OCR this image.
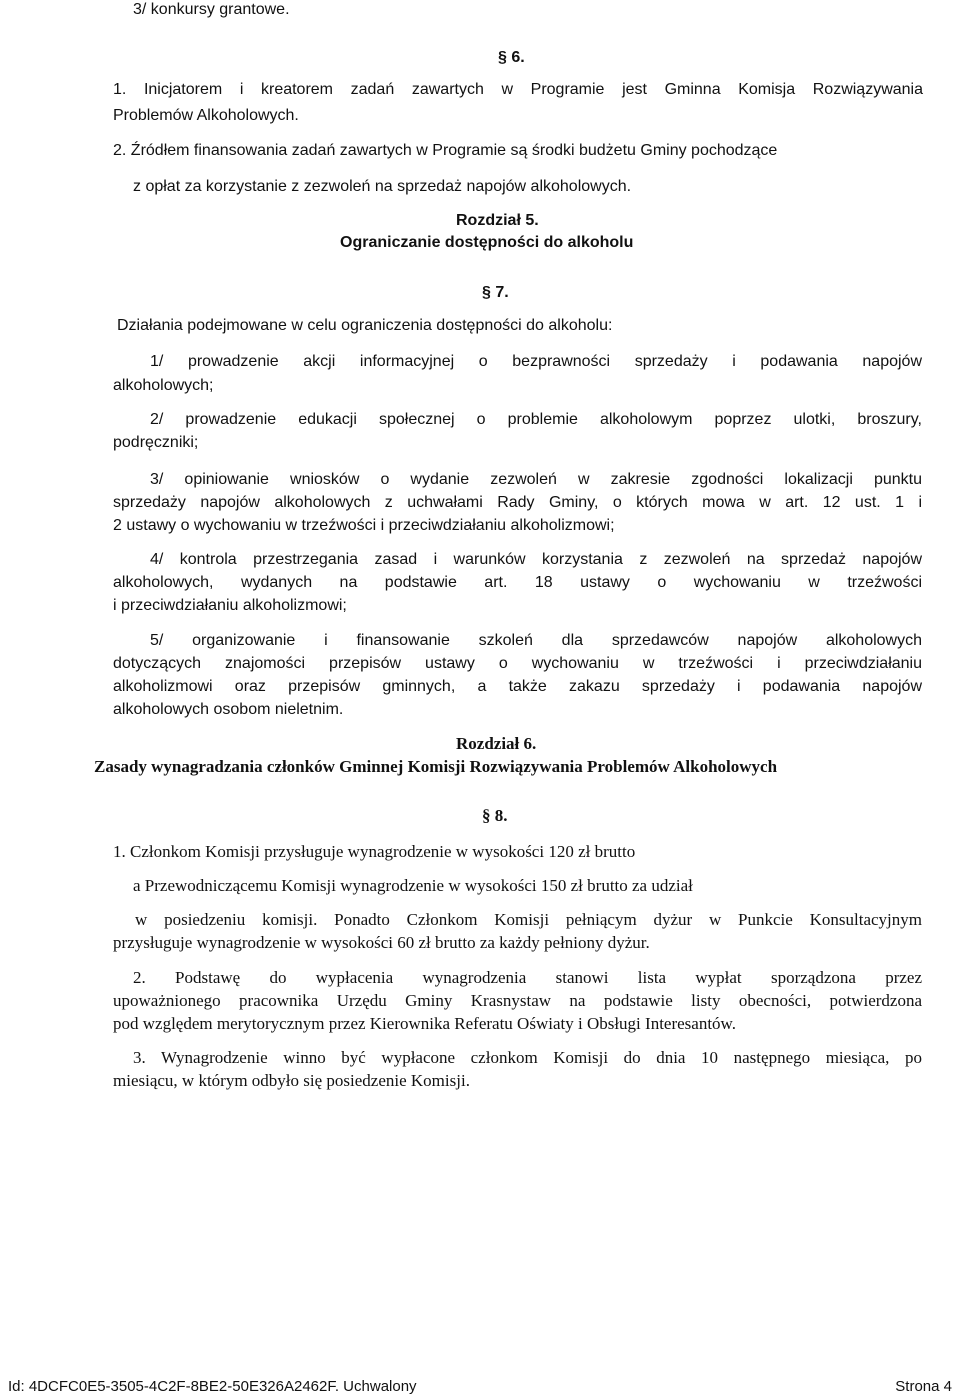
3/ konkursy grantowe.
§ 6.
1. Inicjatorem i kreatorem zadań zawartych w Programie jest Gminna Komisja Rozwiązywania
Problemów Alkoholowych.
2. Źródłem finansowania zadań zawartych w Programie są środki budżetu Gminy pochodzące
z opłat za korzystanie z zezwoleń na sprzedaż napojów alkoholowych.
Rozdział 5.
Ograniczanie dostępności do alkoholu
§ 7.
Działania podejmowane w celu ograniczenia dostępności do alkoholu:
1/ prowadzenie akcji informacyjnej o bezprawności sprzedaży i podawania napojów
alkoholowych;
2/ prowadzenie edukacji społecznej o problemie alkoholowym poprzez ulotki, broszury,
podręczniki;
3/ opiniowanie wniosków o wydanie zezwoleń w zakresie zgodności lokalizacji punktu
sprzedaży napojów alkoholowych z uchwałami Rady Gminy, o których mowa w art. 12 ust. 1 i
2 ustawy o wychowaniu w trzeźwości i przeciwdziałaniu alkoholizmowi;
4/ kontrola przestrzegania zasad i warunków korzystania z zezwoleń na sprzedaż napojów
alkoholowych, wydanych na podstawie art. 18 ustawy o wychowaniu w trzeźwości
i przeciwdziałaniu alkoholizmowi;
5/ organizowanie i finansowanie szkoleń dla sprzedawców napojów alkoholowych
dotyczących znajomości przepisów ustawy o wychowaniu w trzeźwości i przeciwdziałaniu
alkoholizmowi oraz przepisów gminnych, a także zakazu sprzedaży i podawania napojów
alkoholowych osobom nieletnim.
Rozdział 6.
Zasady wynagradzania członków Gminnej Komisji Rozwiązywania Problemów Alkoholowych
§ 8.
1. Członkom Komisji przysługuje wynagrodzenie w wysokości 120 zł brutto
a Przewodniczącemu Komisji wynagrodzenie w wysokości 150 zł brutto za udział
w posiedzeniu komisji. Ponadto Członkom Komisji pełniącym dyżur w Punkcie Konsultacyjnym
przysługuje wynagrodzenie w wysokości 60 zł brutto za każdy pełniony dyżur.
2. Podstawę do wypłacenia wynagrodzenia stanowi lista wypłat sporządzona przez
upoważnionego pracownika Urzędu Gminy Krasnystaw na podstawie listy obecności, potwierdzona
pod względem merytorycznym przez Kierownika Referatu Oświaty i Obsługi Interesantów.
3. Wynagrodzenie winno być wypłacone członkom Komisji do dnia 10 następnego miesiąca, po
miesiącu, w którym odbyło się posiedzenie Komisji.
Id: 4DCFC0E5-3505-4C2F-8BE2-50E326A2462F. Uchwalony	Strona 4
